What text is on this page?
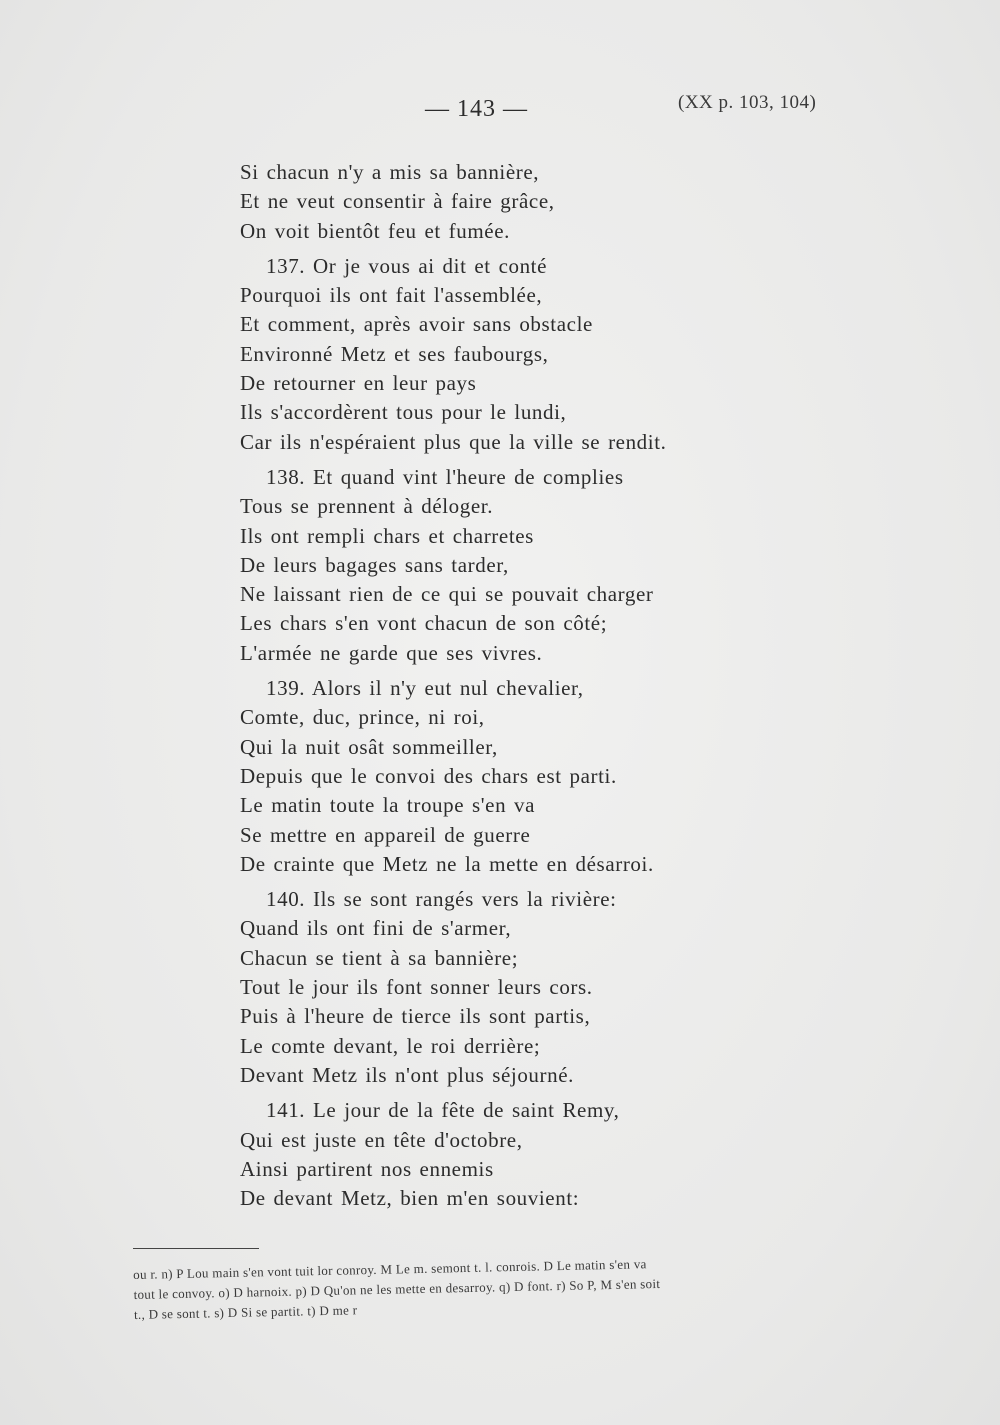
— 143 —	(XX p. 103, 104)
Si chacun n'y a mis sa bannière,
Et ne veut consentir à faire grâce,
On voit bientôt feu et fumée.
137. Or je vous ai dit et conté
Pourquoi ils ont fait l'assemblée,
Et comment, après avoir sans obstacle
Environné Metz et ses faubourgs,
De retourner en leur pays
Ils s'accordèrent tous pour le lundi,
Car ils n'espéraient plus que la ville se rendit.
138. Et quand vint l'heure de complies
Tous se prennent à déloger.
Ils ont rempli chars et charretes
De leurs bagages sans tarder,
Ne laissant rien de ce qui se pouvait charger
Les chars s'en vont chacun de son côté;
L'armée ne garde que ses vivres.
139. Alors il n'y eut nul chevalier,
Comte, duc, prince, ni roi,
Qui la nuit osât sommeiller,
Depuis que le convoi des chars est parti.
Le matin toute la troupe s'en va
Se mettre en appareil de guerre
De crainte que Metz ne la mette en désarroi.
140. Ils se sont rangés vers la rivière:
Quand ils ont fini de s'armer,
Chacun se tient à sa bannière;
Tout le jour ils font sonner leurs cors.
Puis à l'heure de tierce ils sont partis,
Le comte devant, le roi derrière;
Devant Metz ils n'ont plus séjourné.
141. Le jour de la fête de saint Remy,
Qui est juste en tête d'octobre,
Ainsi partirent nos ennemis
De devant Metz, bien m'en souvient:
ou r. n) P Lou main s'en vont tuit lor conroy. M Le m. semont t. l. conrois. D Le matin s'en va
tout le convoy. o) D harnoix. p) D Qu'on ne les mette en desarroy. q) D font. r) So P, M s'en soit
t., D se sont t. s) D Si se partit. t) D me r
